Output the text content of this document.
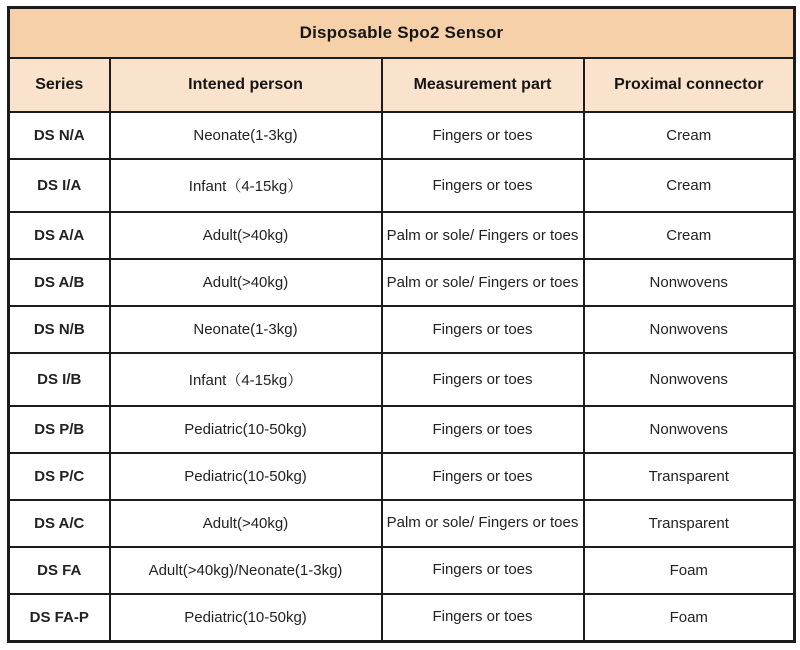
Disposable Spo2 Sensor			
Series	Intened person	Measurement part	Proximal connector
DS N/A	Neonate(1-3kg)	Fingers or toes	Cream
DS I/A	Infant（4-15kg）	Fingers or toes	Cream
DS A/A	Adult(>40kg)	Palm or sole/ Fingers or toes	Cream
DS A/B	Adult(>40kg)	Palm or sole/ Fingers or toes	Nonwovens
DS N/B	Neonate(1-3kg)	Fingers or toes	Nonwovens
DS I/B	Infant（4-15kg）	Fingers or toes	Nonwovens
DS P/B	Pediatric(10-50kg)	Fingers or toes	Nonwovens
DS P/C	Pediatric(10-50kg)	Fingers or toes	Transparent
DS A/C	Adult(>40kg)	Palm or sole/ Fingers or toes	Transparent
DS FA	Adult(>40kg)/Neonate(1-3kg)	Fingers or toes	Foam
DS FA-P	Pediatric(10-50kg)	Fingers or toes	Foam
